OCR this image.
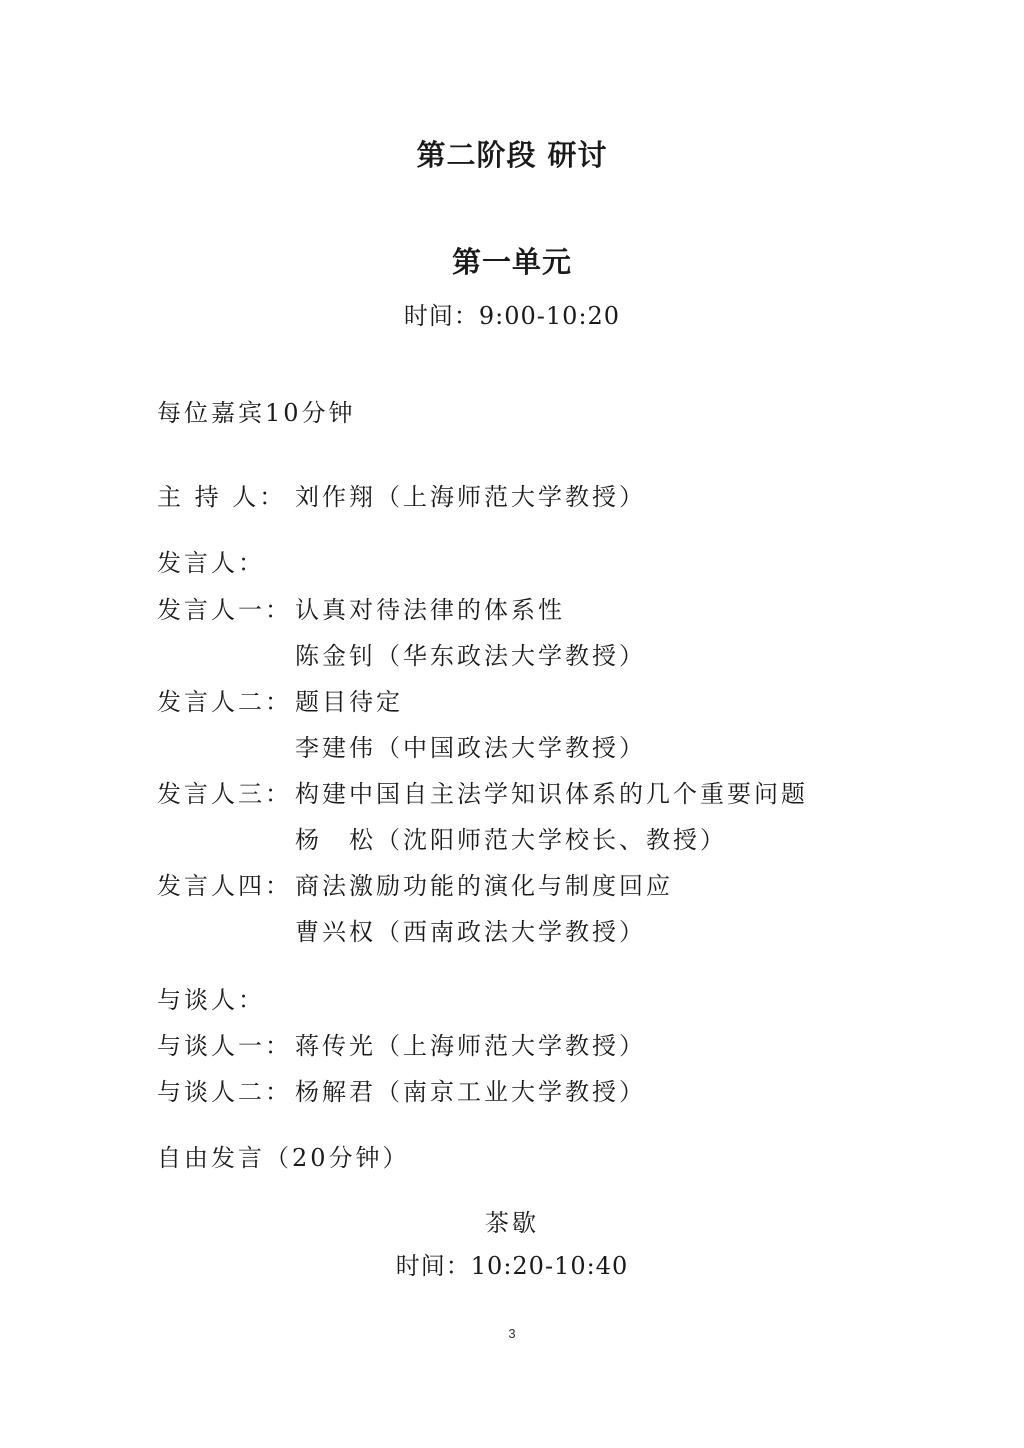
第二阶段 研讨
第一单元
时间：9:00-10:20
每位嘉宾10分钟
主 持 人： 刘作翔（上海师范大学教授）
发言人：
发言人一： 认真对待法律的体系性
陈金钊（华东政法大学教授）
发言人二： 题目待定
李建伟（中国政法大学教授）
发言人三： 构建中国自主法学知识体系的几个重要问题
杨　松（沈阳师范大学校长、教授）
发言人四： 商法激励功能的演化与制度回应
曹兴权（西南政法大学教授）
与谈人：
与谈人一： 蒋传光（上海师范大学教授）
与谈人二： 杨解君（南京工业大学教授）
自由发言（20分钟）
茶歇
时间：10:20-10:40
3
